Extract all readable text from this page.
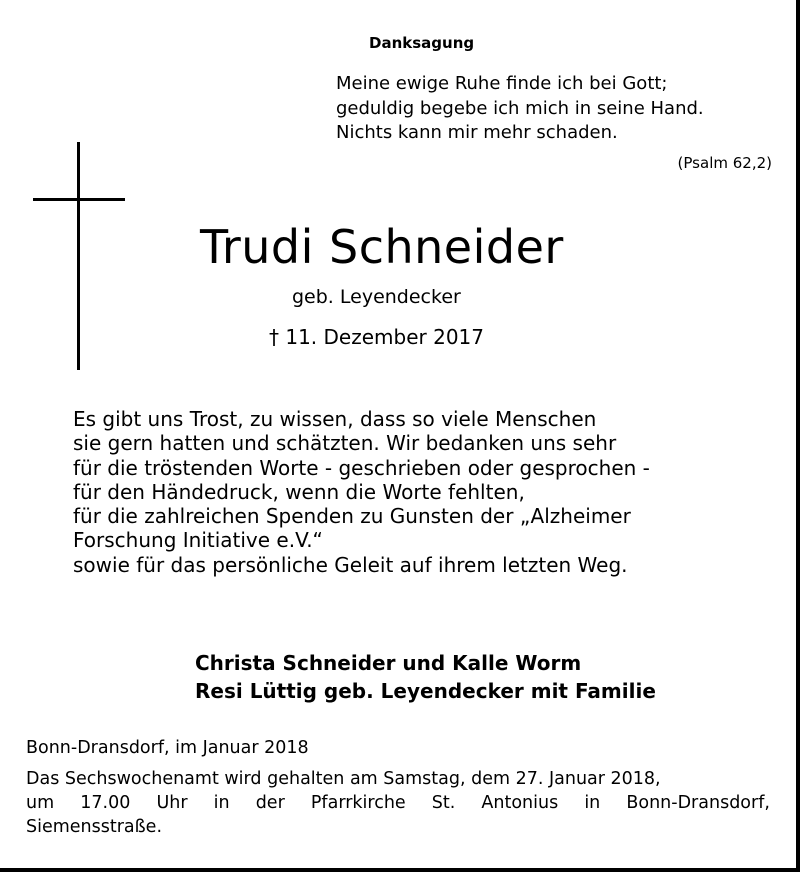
Danksagung
Meine ewige Ruhe finde ich bei Gott;
geduldig begebe ich mich in seine Hand.
Nichts kann mir mehr schaden.
(Psalm 62,2)
Trudi Schneider
geb. Leyendecker
† 11. Dezember 2017
Es gibt uns Trost, zu wissen, dass so viele Menschen
sie gern hatten und schätzten. Wir bedanken uns sehr
für die tröstenden Worte - geschrieben oder gesprochen -
für den Händedruck, wenn die Worte fehlten,
für die zahlreichen Spenden zu Gunsten der „Alzheimer
Forschung Initiative e.V.“
sowie für das persönliche Geleit auf ihrem letzten Weg.
Christa Schneider und Kalle Worm
Resi Lüttig geb. Leyendecker mit Familie
Bonn-Dransdorf, im Januar 2018
Das Sechswochenamt wird gehalten am Samstag, dem 27. Januar 2018,
um 17.00 Uhr in der Pfarrkirche St. Antonius in Bonn-Dransdorf,
Siemensstraße.
